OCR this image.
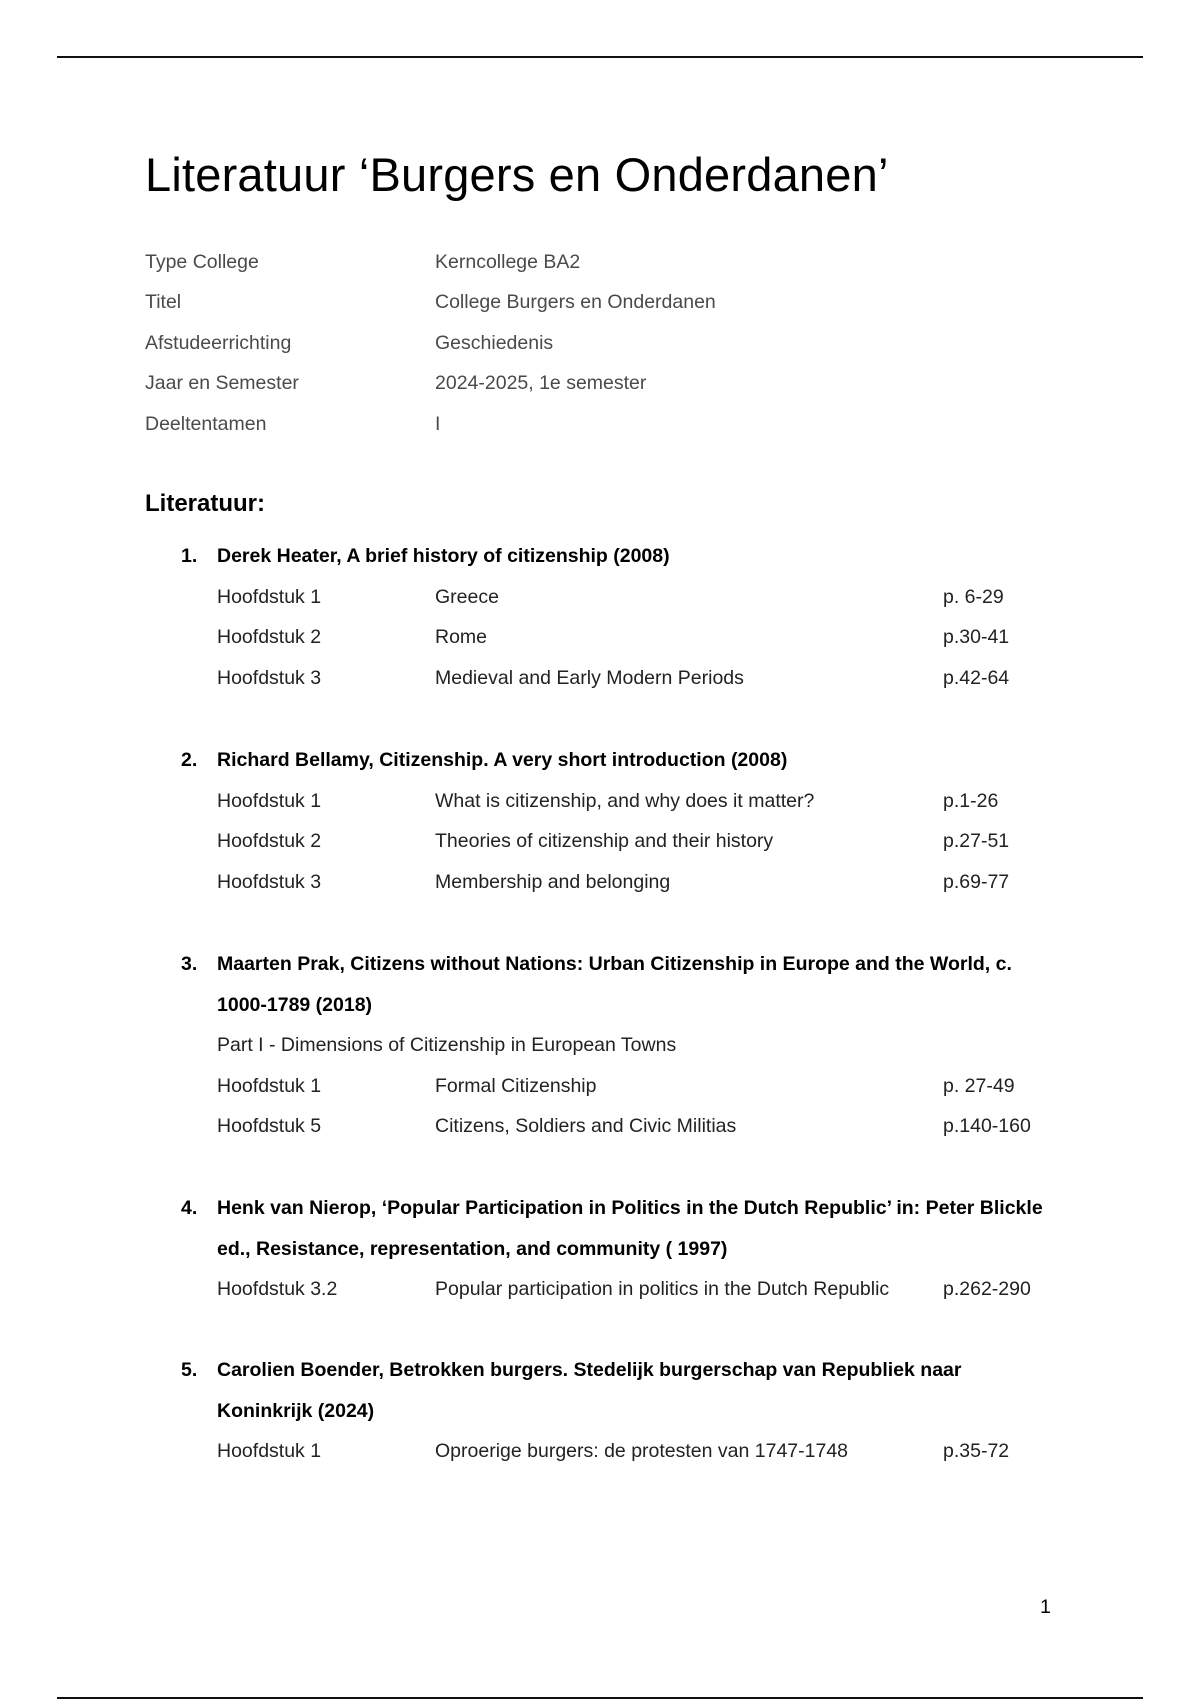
Literatuur ‘Burgers en Onderdanen’
Type College	Kerncollege BA2
Titel	College Burgers en Onderdanen
Afstudeerrichting	Geschiedenis
Jaar en Semester	2024-2025, 1e semester
Deeltentamen	I
Literatuur:
1. Derek Heater, A brief history of citizenship (2008)
Hoofdstuk 1	Greece	p. 6-29
Hoofdstuk 2	Rome	p.30-41
Hoofdstuk 3	Medieval and Early Modern Periods	p.42-64
2. Richard Bellamy, Citizenship. A very short introduction (2008)
Hoofdstuk 1	What is citizenship, and why does it matter?	p.1-26
Hoofdstuk 2	Theories of citizenship and their history	p.27-51
Hoofdstuk 3	Membership and belonging	p.69-77
3. Maarten Prak, Citizens without Nations: Urban Citizenship in Europe and the World, c. 1000-1789 (2018)
Part I - Dimensions of Citizenship in European Towns
Hoofdstuk 1	Formal Citizenship	p. 27-49
Hoofdstuk 5	Citizens, Soldiers and Civic Militias	p.140-160
4. Henk van Nierop, ‘Popular Participation in Politics in the Dutch Republic’ in: Peter Blickle ed., Resistance, representation, and community ( 1997)
Hoofdstuk 3.2	Popular participation in politics in the Dutch Republic	p.262-290
5. Carolien Boender, Betrokken burgers. Stedelijk burgerschap van Republiek naar Koninkrijk (2024)
Hoofdstuk 1	Oproerige burgers: de protesten van 1747-1748	p.35-72
1
